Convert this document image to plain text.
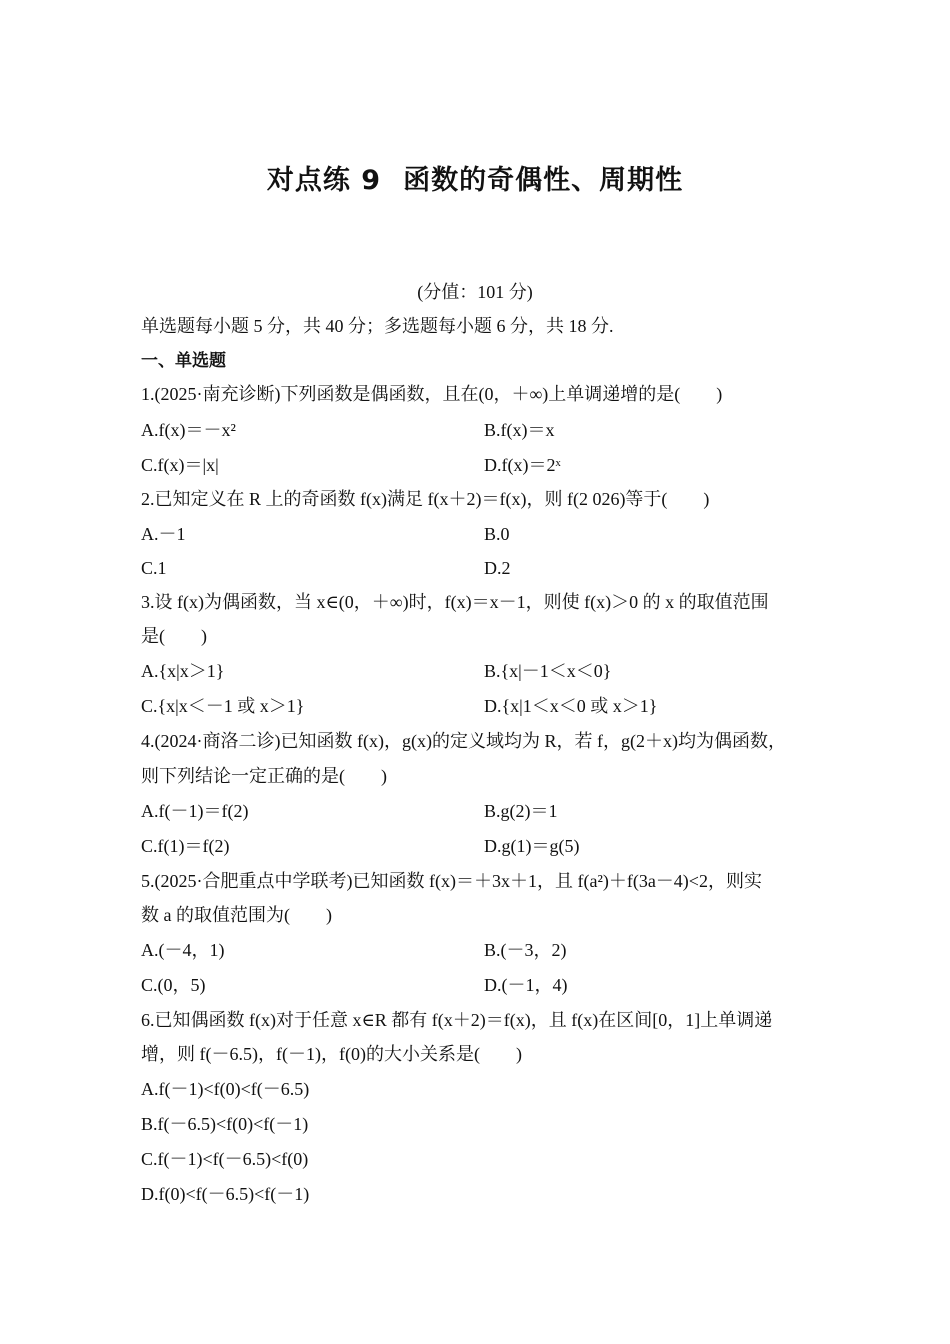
对点练 9 函数的奇偶性、周期性
(分值：101 分)
单选题每小题 5 分，共 40 分；多选题每小题 6 分，共 18 分.
一、单选题
1.(2025·南充诊断)下列函数是偶函数，且在(0，＋∞)上单调递增的是( )
A.f(x)＝－x²	B.f(x)＝x
C.f(x)＝|x|	D.f(x)＝2ˣ
2.已知定义在 R 上的奇函数 f(x)满足 f(x＋2)＝f(x)，则 f(2 026)等于(　　)
A.－1	B.0
C.1	D.2
3.设 f(x)为偶函数，当 x∈(0，＋∞)时，f(x)＝x－1，则使 f(x)＞0 的 x 的取值范围
是(　　)
A.{x|x＞1}	B.{x|－1＜x＜0}
C.{x|x＜－1 或 x＞1}	D.{x|1＜x＜0 或 x＞1}
4.(2024·商洛二诊)已知函数 f(x)，g(x)的定义域均为 R，若 f，g(2＋x)均为偶函数，
则下列结论一定正确的是(　　)
A.f(－1)＝f(2)	B.g(2)＝1
C.f(1)＝f(2)	D.g(1)＝g(5)
5.(2025·合肥重点中学联考)已知函数 f(x)＝＋3x＋1，且 f(a²)＋f(3a－4)<2，则实
数 a 的取值范围为(　　)
A.(－4，1)	B.(－3，2)
C.(0，5)	D.(－1，4)
6.已知偶函数 f(x)对于任意 x∈R 都有 f(x＋2)＝f(x)，且 f(x)在区间[0，1]上单调递
增，则 f(－6.5)，f(－1)，f(0)的大小关系是(　　)
A.f(－1)<f(0)<f(－6.5)
B.f(－6.5)<f(0)<f(－1)
C.f(－1)<f(－6.5)<f(0)
D.f(0)<f(－6.5)<f(－1)
